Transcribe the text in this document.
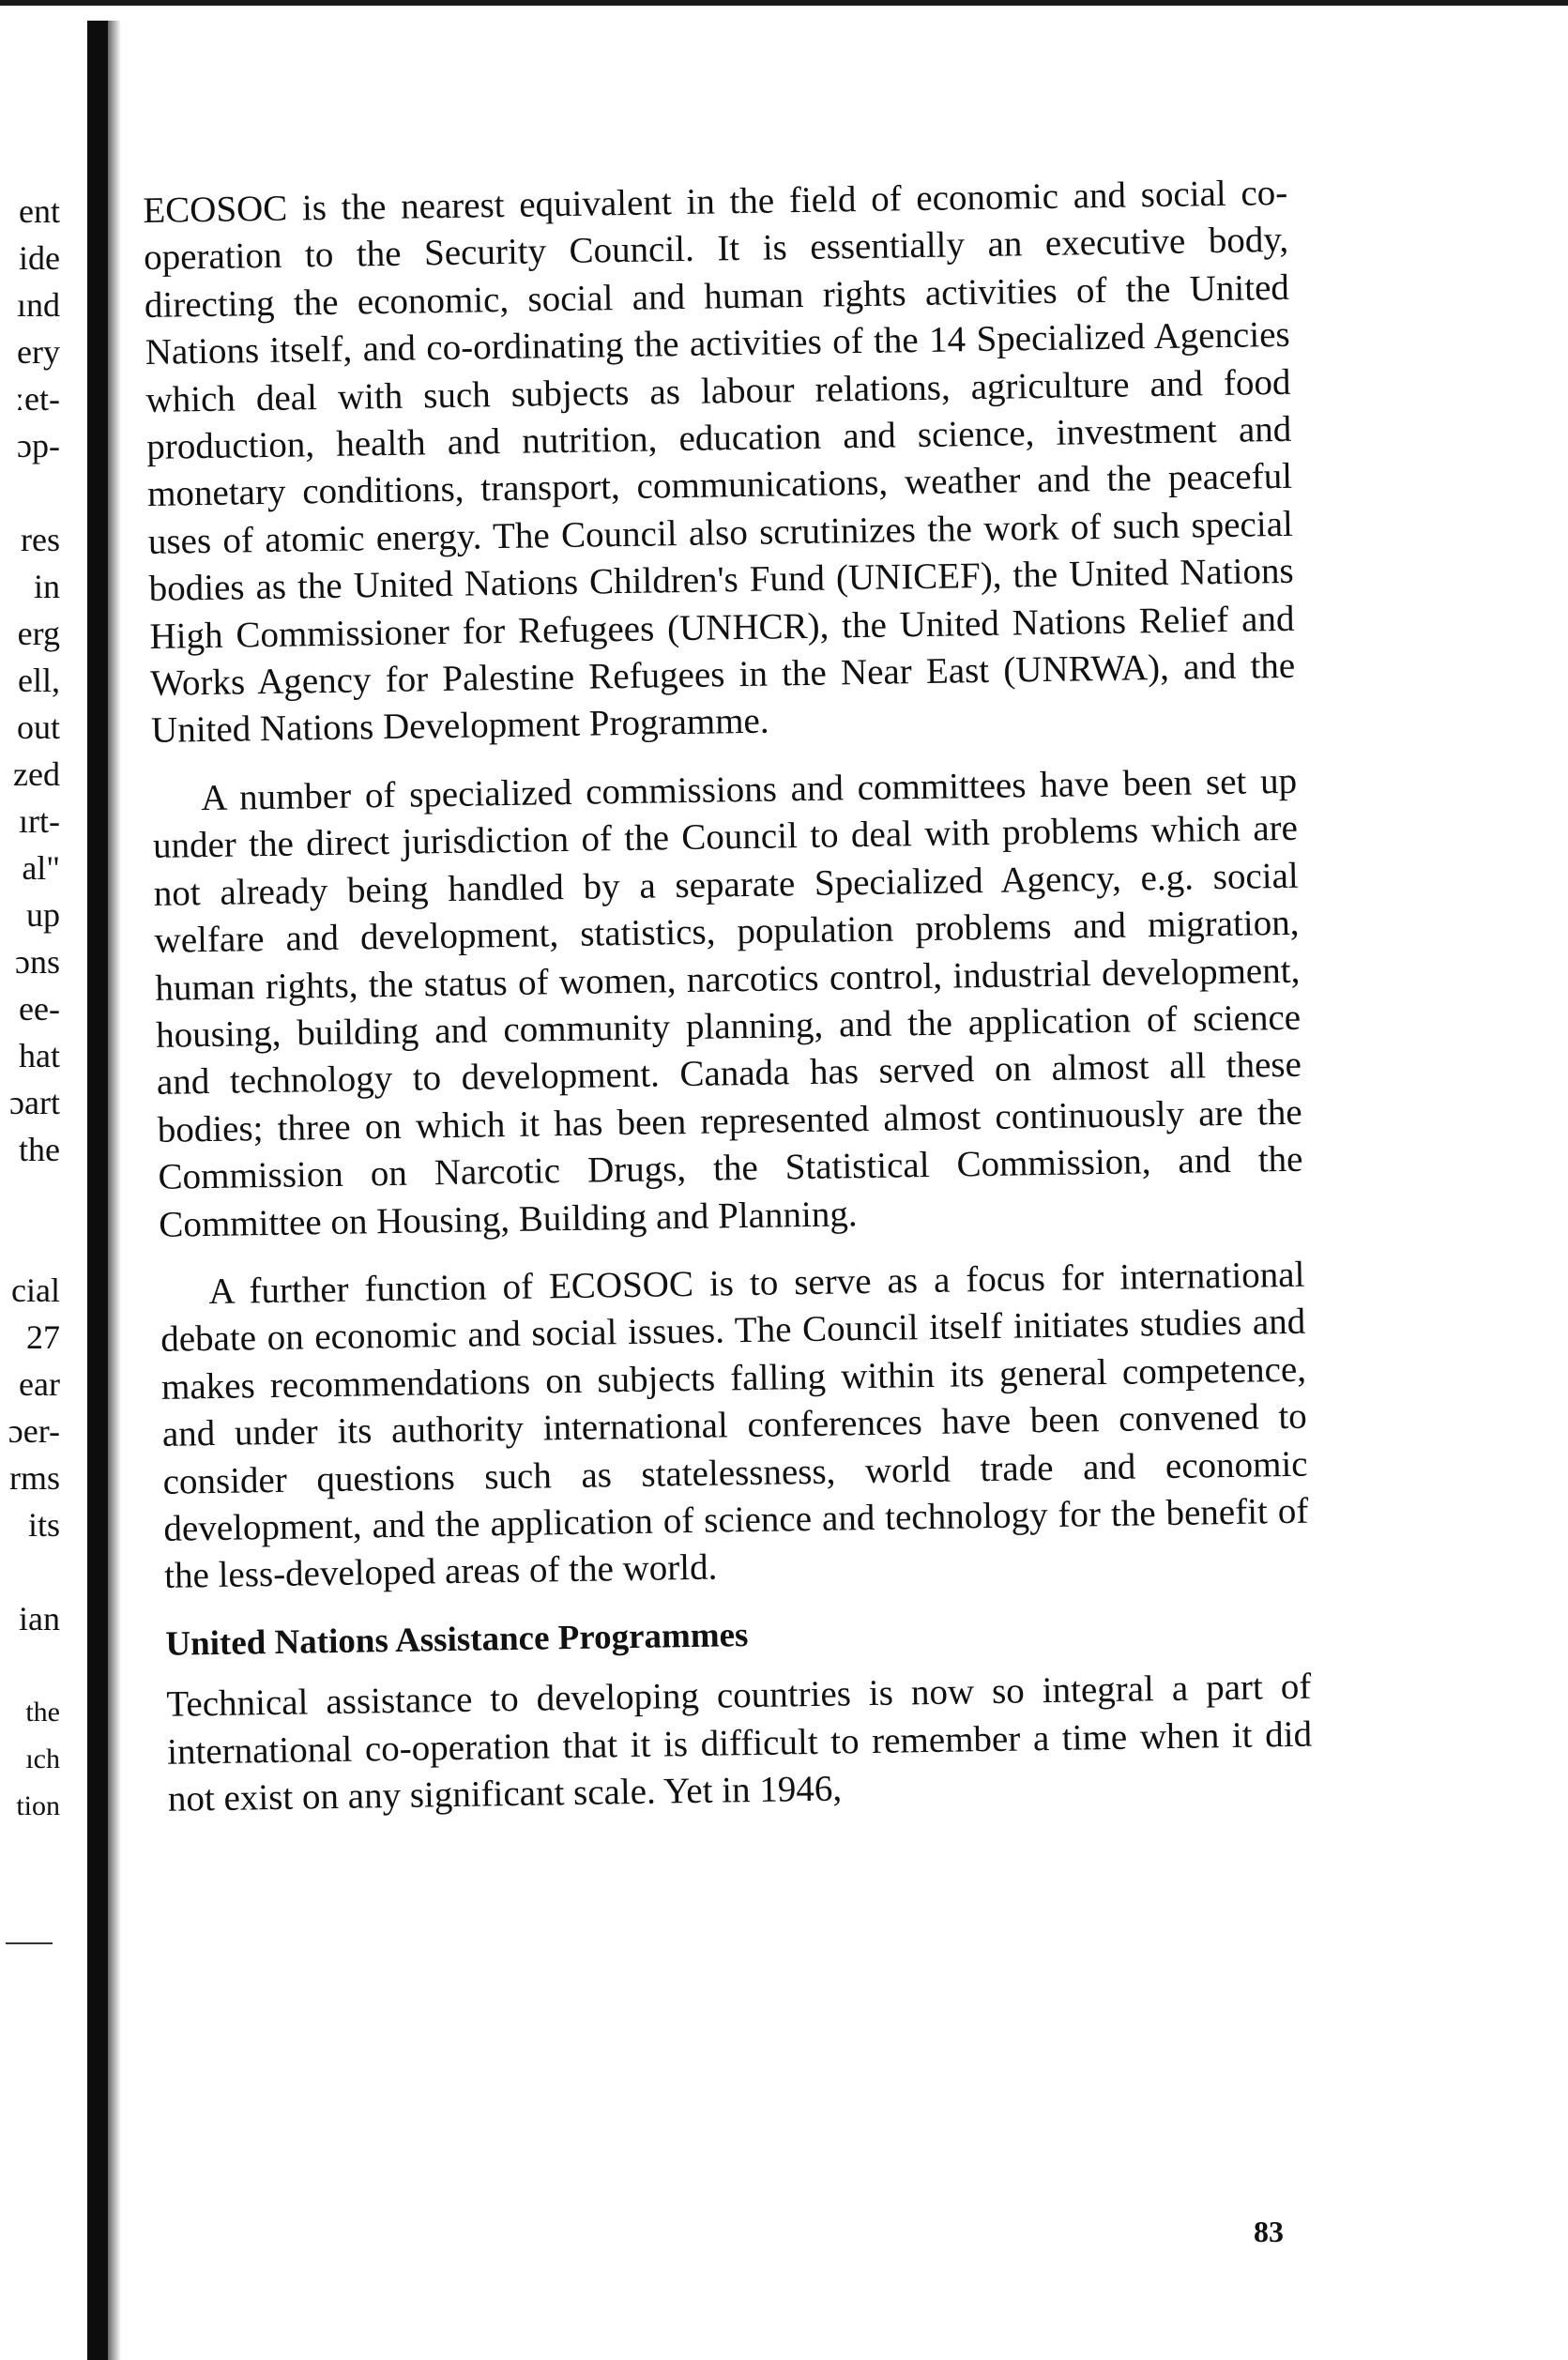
ent
ide
ınd
ery
ːet-
ɔp-
res
in
erg
ell,
out
zed
ırt-
al"
up
ɔns
ee-
hat
ɔart
the
cial
27
ear
ɔer-
rms
its
ian
the
ıch
tion

ECOSOC is the nearest equivalent in the field of economic and social co-operation to the Security Council. It is essentially an executive body, directing the economic, social and human rights activities of the United Nations itself, and co-ordinating the activities of the 14 Specialized Agencies which deal with such subjects as labour relations, agriculture and food production, health and nutrition, education and science, investment and monetary conditions, transport, communications, weather and the peaceful uses of atomic energy. The Council also scrutinizes the work of such special bodies as the United Nations Children's Fund (UNICEF), the United Nations High Commissioner for Refugees (UNHCR), the United Nations Relief and Works Agency for Palestine Refugees in the Near East (UNRWA), and the United Nations Development Programme.

A number of specialized commissions and committees have been set up under the direct jurisdiction of the Council to deal with problems which are not already being handled by a separate Specialized Agency, e.g. social welfare and development, statistics, population problems and migration, human rights, the status of women, narcotics control, industrial development, housing, building and community planning, and the application of science and technology to development. Canada has served on almost all these bodies; three on which it has been represented almost continuously are the Commission on Narcotic Drugs, the Statistical Commission, and the Committee on Housing, Building and Planning.

A further function of ECOSOC is to serve as a focus for international debate on economic and social issues. The Council itself initiates studies and makes recommendations on subjects falling within its general competence, and under its authority international conferences have been convened to consider questions such as statelessness, world trade and economic development, and the application of science and technology for the benefit of the less-developed areas of the world.

United Nations Assistance Programmes

Technical assistance to developing countries is now so integral a part of international co-operation that it is difficult to remember a time when it did not exist on any significant scale. Yet in 1946,

83
